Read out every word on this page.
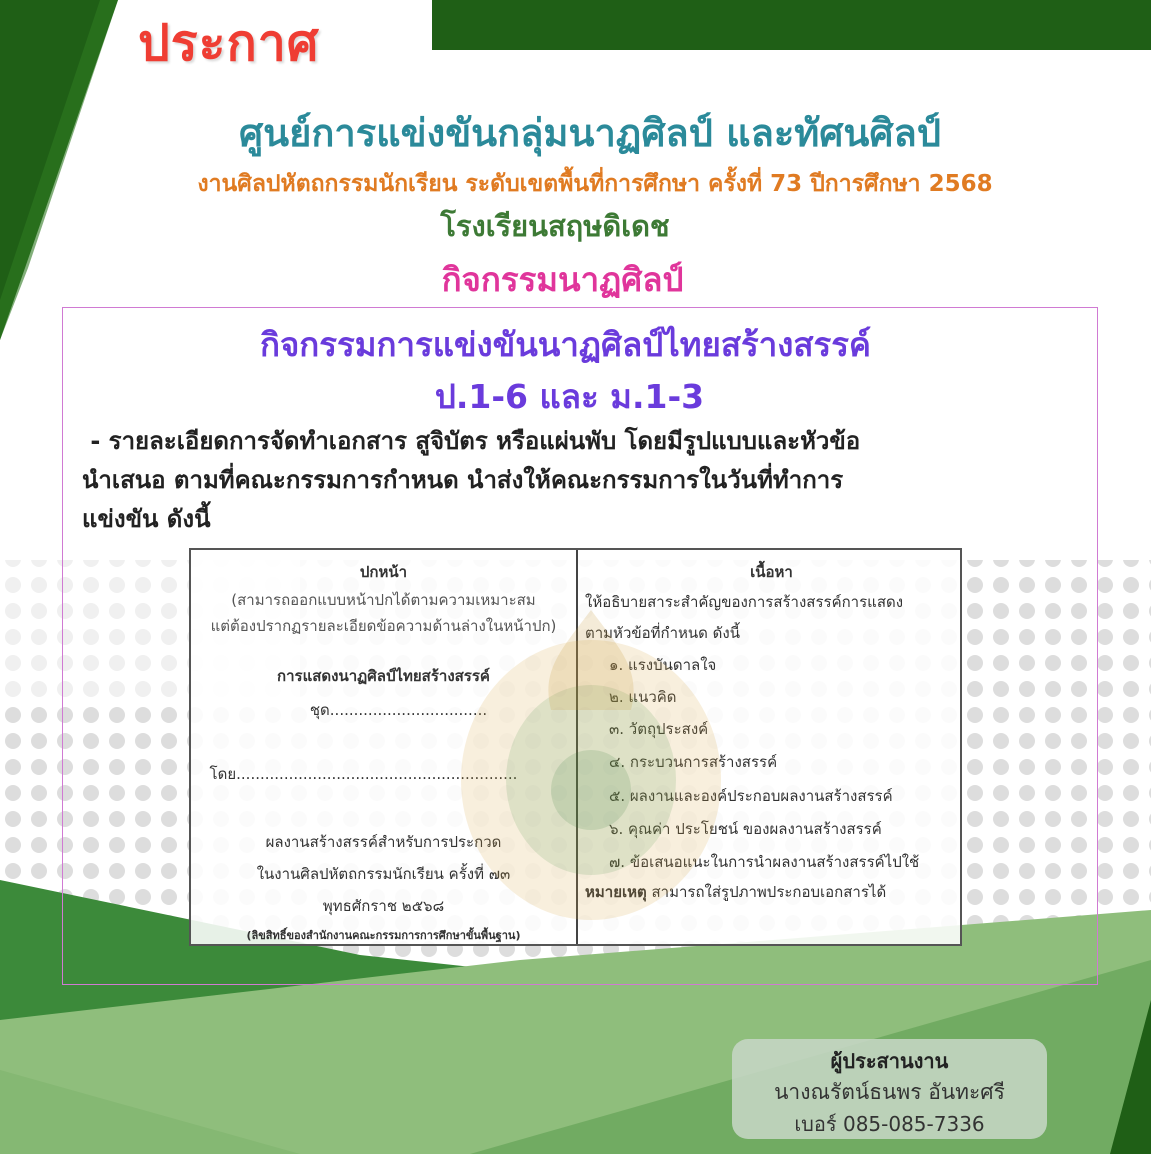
ประกาศ
ศูนย์การแข่งขันกลุ่มนาฏศิลป์ และทัศนศิลป์
งานศิลปหัตถกรรมนักเรียน ระดับเขตพื้นที่การศึกษา ครั้งที่ 73 ปีการศึกษา 2568
โรงเรียนสฤษดิเดช
กิจกรรมนาฏศิลป์
กิจกรรมการแข่งขันนาฏศิลป์ไทยสร้างสรรค์
ป.1-6 และ ม.1-3
- รายละเอียดการจัดทำเอกสาร สูจิบัตร หรือแผ่นพับ โดยมีรูปแบบและหัวข้อ
นำเสนอ ตามที่คณะกรรมการกำหนด นำส่งให้คณะกรรมการในวันที่ทำการ
แข่งขัน ดังนี้
ปกหน้า
(สามารถออกแบบหน้าปกได้ตามความเหมาะสม
แต่ต้องปรากฏรายละเอียดข้อความด้านล่างในหน้าปก)
การแสดงนาฏศิลป์ไทยสร้างสรรค์
ชุด.................................
โดย...........................................................
ผลงานสร้างสรรค์สำหรับการประกวด
ในงานศิลปหัตถกรรมนักเรียน ครั้งที่ ๗๓
พุทธศักราช ๒๕๖๘
(ลิขสิทธิ์ของสำนักงานคณะกรรมการการศึกษาขั้นพื้นฐาน)
เนื้อหา
ให้อธิบายสาระสำคัญของการสร้างสรรค์การแสดง
ตามหัวข้อที่กำหนด ดังนี้
๑. แรงบันดาลใจ
๒. แนวคิด
๓. วัตถุประสงค์
๔. กระบวนการสร้างสรรค์
๕. ผลงานและองค์ประกอบผลงานสร้างสรรค์
๖. คุณค่า ประโยชน์ ของผลงานสร้างสรรค์
๗. ข้อเสนอแนะในการนำผลงานสร้างสรรค์ไปใช้
หมายเหตุ สามารถใส่รูปภาพประกอบเอกสารได้
ผู้ประสานงาน
นางณรัตน์ธนพร อันทะศรี
เบอร์ 085-085-7336
